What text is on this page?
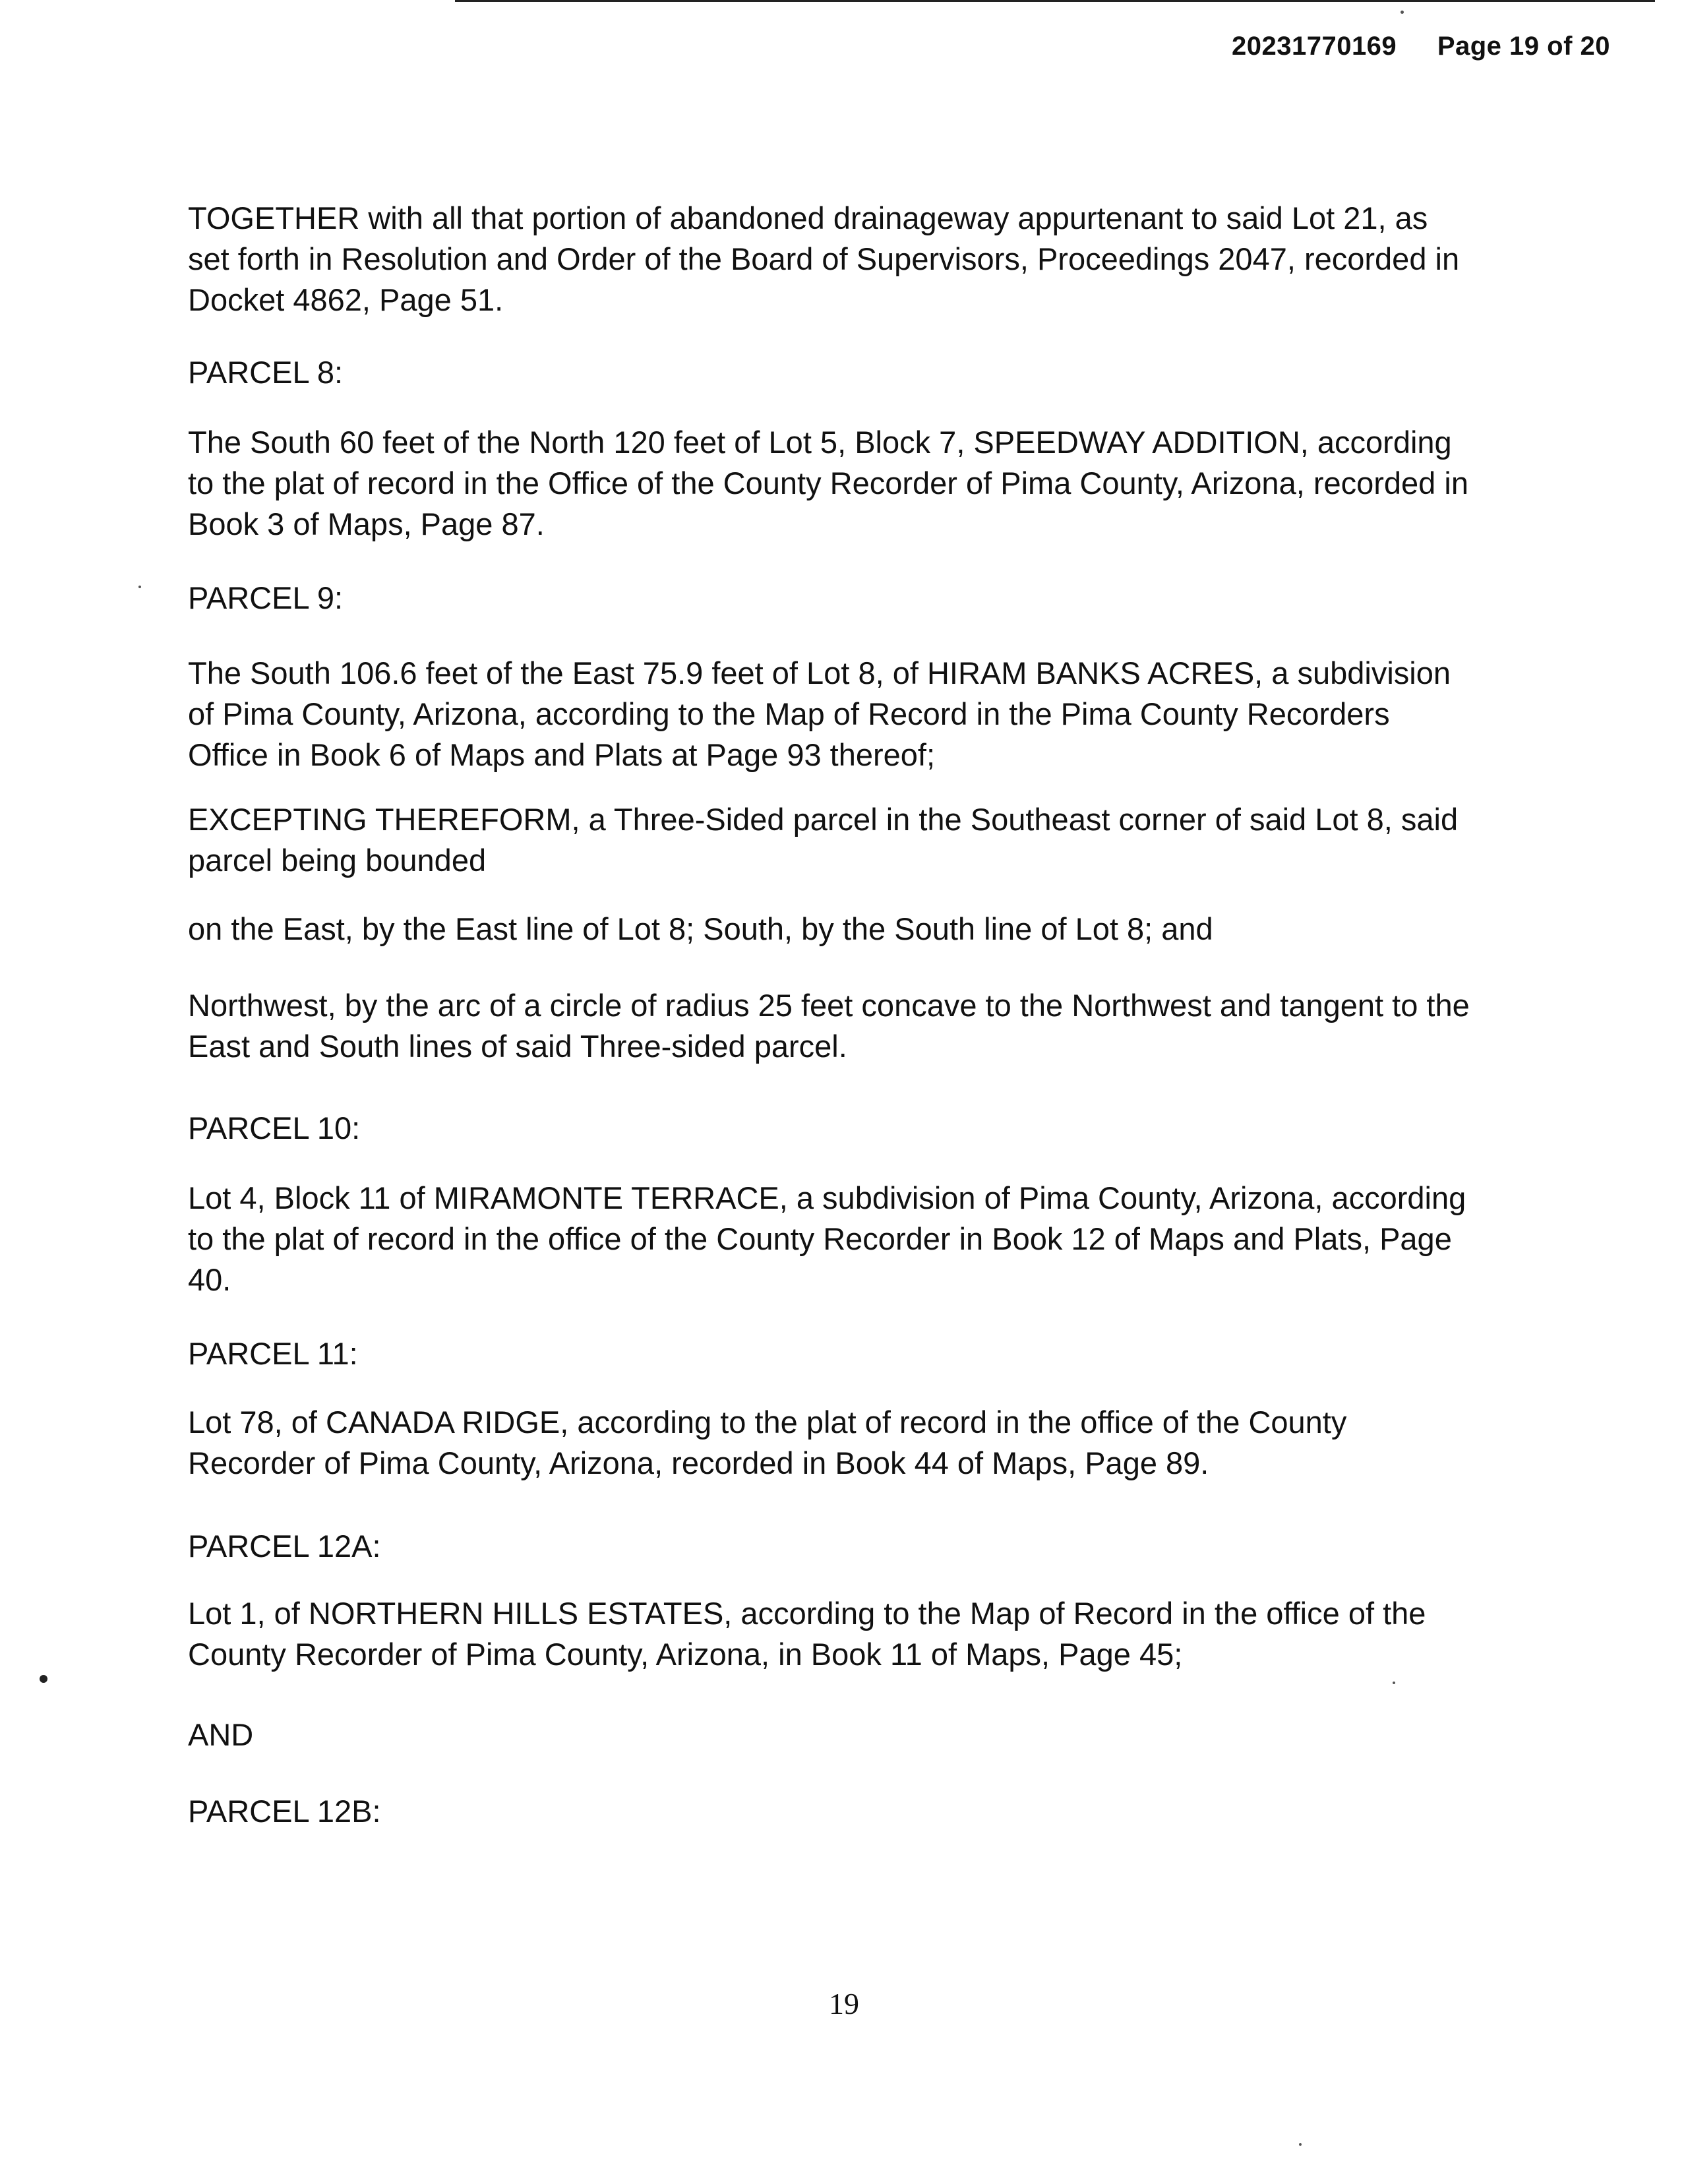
20231770169 Page 19 of 20

TOGETHER with all that portion of abandoned drainageway appurtenant to said Lot 21, as set forth in Resolution and Order of the Board of Supervisors, Proceedings 2047, recorded in Docket 4862, Page 51.

PARCEL 8:

The South 60 feet of the North 120 feet of Lot 5, Block 7, SPEEDWAY ADDITION, according to the plat of record in the Office of the County Recorder of Pima County, Arizona, recorded in Book 3 of Maps, Page 87.

PARCEL 9:

The South 106.6 feet of the East 75.9 feet of Lot 8, of HIRAM BANKS ACRES, a subdivision of Pima County, Arizona, according to the Map of Record in the Pima County Recorders Office in Book 6 of Maps and Plats at Page 93 thereof;

EXCEPTING THEREFORM, a Three-Sided parcel in the Southeast corner of said Lot 8, said parcel being bounded

on the East, by the East line of Lot 8; South, by the South line of Lot 8; and

Northwest, by the arc of a circle of radius 25 feet concave to the Northwest and tangent to the East and South lines of said Three-sided parcel.

PARCEL 10:

Lot 4, Block 11 of MIRAMONTE TERRACE, a subdivision of Pima County, Arizona, according to the plat of record in the office of the County Recorder in Book 12 of Maps and Plats, Page 40.

PARCEL 11:

Lot 78, of CANADA RIDGE, according to the plat of record in the office of the County Recorder of Pima County, Arizona, recorded in Book 44 of Maps, Page 89.

PARCEL 12A:

Lot 1, of NORTHERN HILLS ESTATES, according to the Map of Record in the office of the County Recorder of Pima County, Arizona, in Book 11 of Maps, Page 45;

AND

PARCEL 12B:

19
